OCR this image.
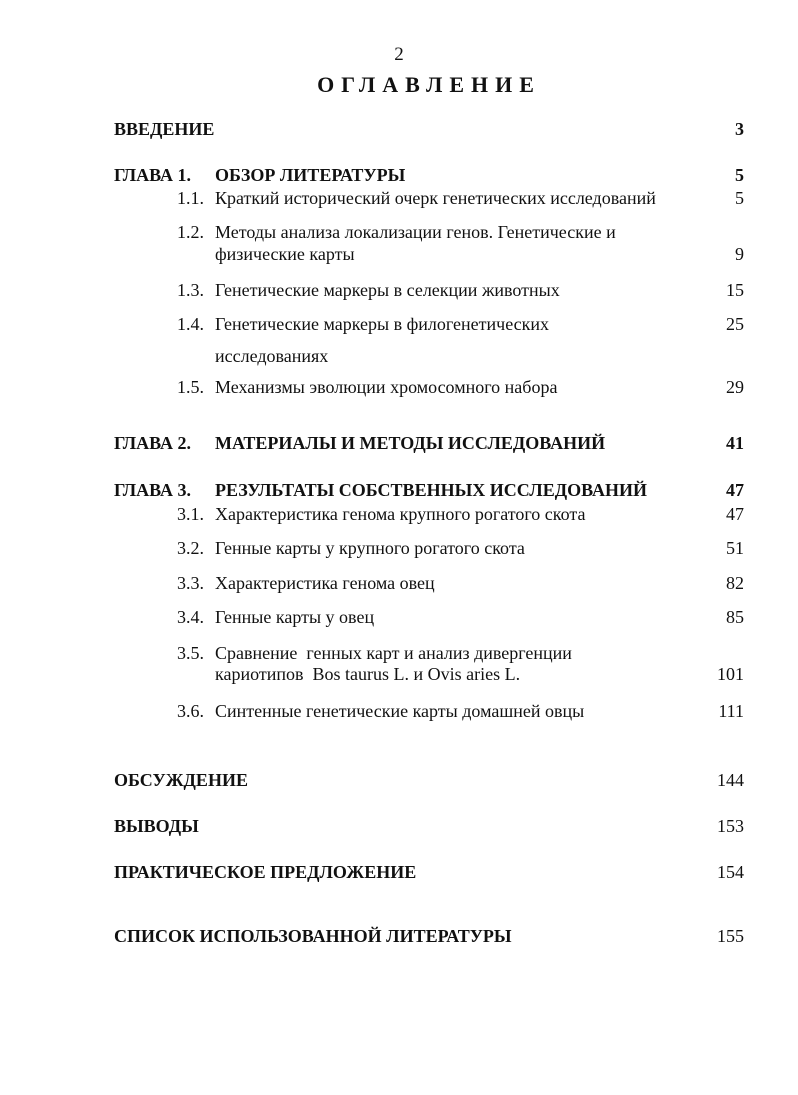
2
ОГЛАВЛЕНИЕ
ВВЕДЕНИЕ	3
ГЛАВА 1. ОБЗОР ЛИТЕРАТУРЫ	5
1.1. Краткий исторический очерк генетических исследований	5
1.2. Методы анализа локализации генов. Генетические и
физические карты	9
1.3. Генетические маркеры в селекции животных	15
1.4. Генетические маркеры в филогенетических	25
исследованиях
1.5. Механизмы эволюции хромосомного набора	29
ГЛАВА 2. МАТЕРИАЛЫ И МЕТОДЫ ИССЛЕДОВАНИЙ	41
ГЛАВА 3. РЕЗУЛЬТАТЫ СОБСТВЕННЫХ ИССЛЕДОВАНИЙ	47
3.1. Характеристика генома крупного рогатого скота	47
3.2. Генные карты у крупного рогатого скота	51
3.3. Характеристика генома овец	82
3.4. Генные карты у овец	85
3.5. Сравнение  генных карт и анализ дивергенции
кариотипов  Bos taurus L. и Ovis aries L.	101
3.6. Синтенные генетические карты домашней овцы	111
ОБСУЖДЕНИЕ	144
ВЫВОДЫ	153
ПРАКТИЧЕСКОЕ ПРЕДЛОЖЕНИЕ	154
СПИСОК ИСПОЛЬЗОВАННОЙ ЛИТЕРАТУРЫ	155
